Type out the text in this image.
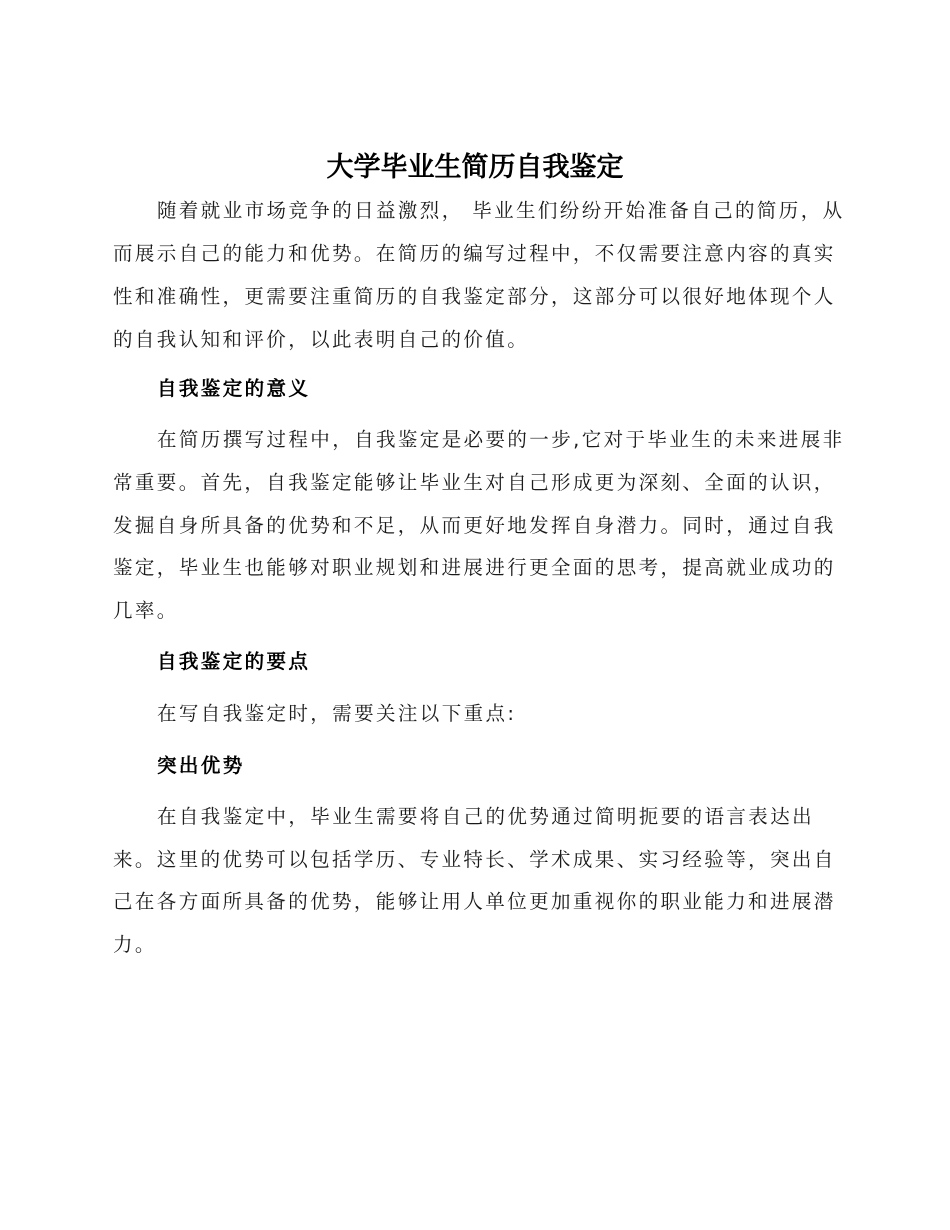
大学毕业生简历自我鉴定

随着就业市场竞争的日益激烈， 毕业生们纷纷开始准备自己的简历，从

而展示自己的能力和优势。在简历的编写过程中，不仅需要注意内容的真实

性和准确性，更需要注重简历的自我鉴定部分，这部分可以很好地体现个人

的自我认知和评价，以此表明自己的价值。

自我鉴定的意义

在简历撰写过程中，自我鉴定是必要的一步,它对于毕业生的未来进展非

常重要。首先，自我鉴定能够让毕业生对自己形成更为深刻、全面的认识，

发掘自身所具备的优势和不足，从而更好地发挥自身潜力。同时，通过自我

鉴定，毕业生也能够对职业规划和进展进行更全面的思考，提高就业成功的

几率。

自我鉴定的要点

在写自我鉴定时，需要关注以下重点:

突出优势

在自我鉴定中，毕业生需要将自己的优势通过简明扼要的语言表达出

来。这里的优势可以包括学历、专业特长、学术成果、实习经验等，突出自

己在各方面所具备的优势，能够让用人单位更加重视你的职业能力和进展潜

力。
